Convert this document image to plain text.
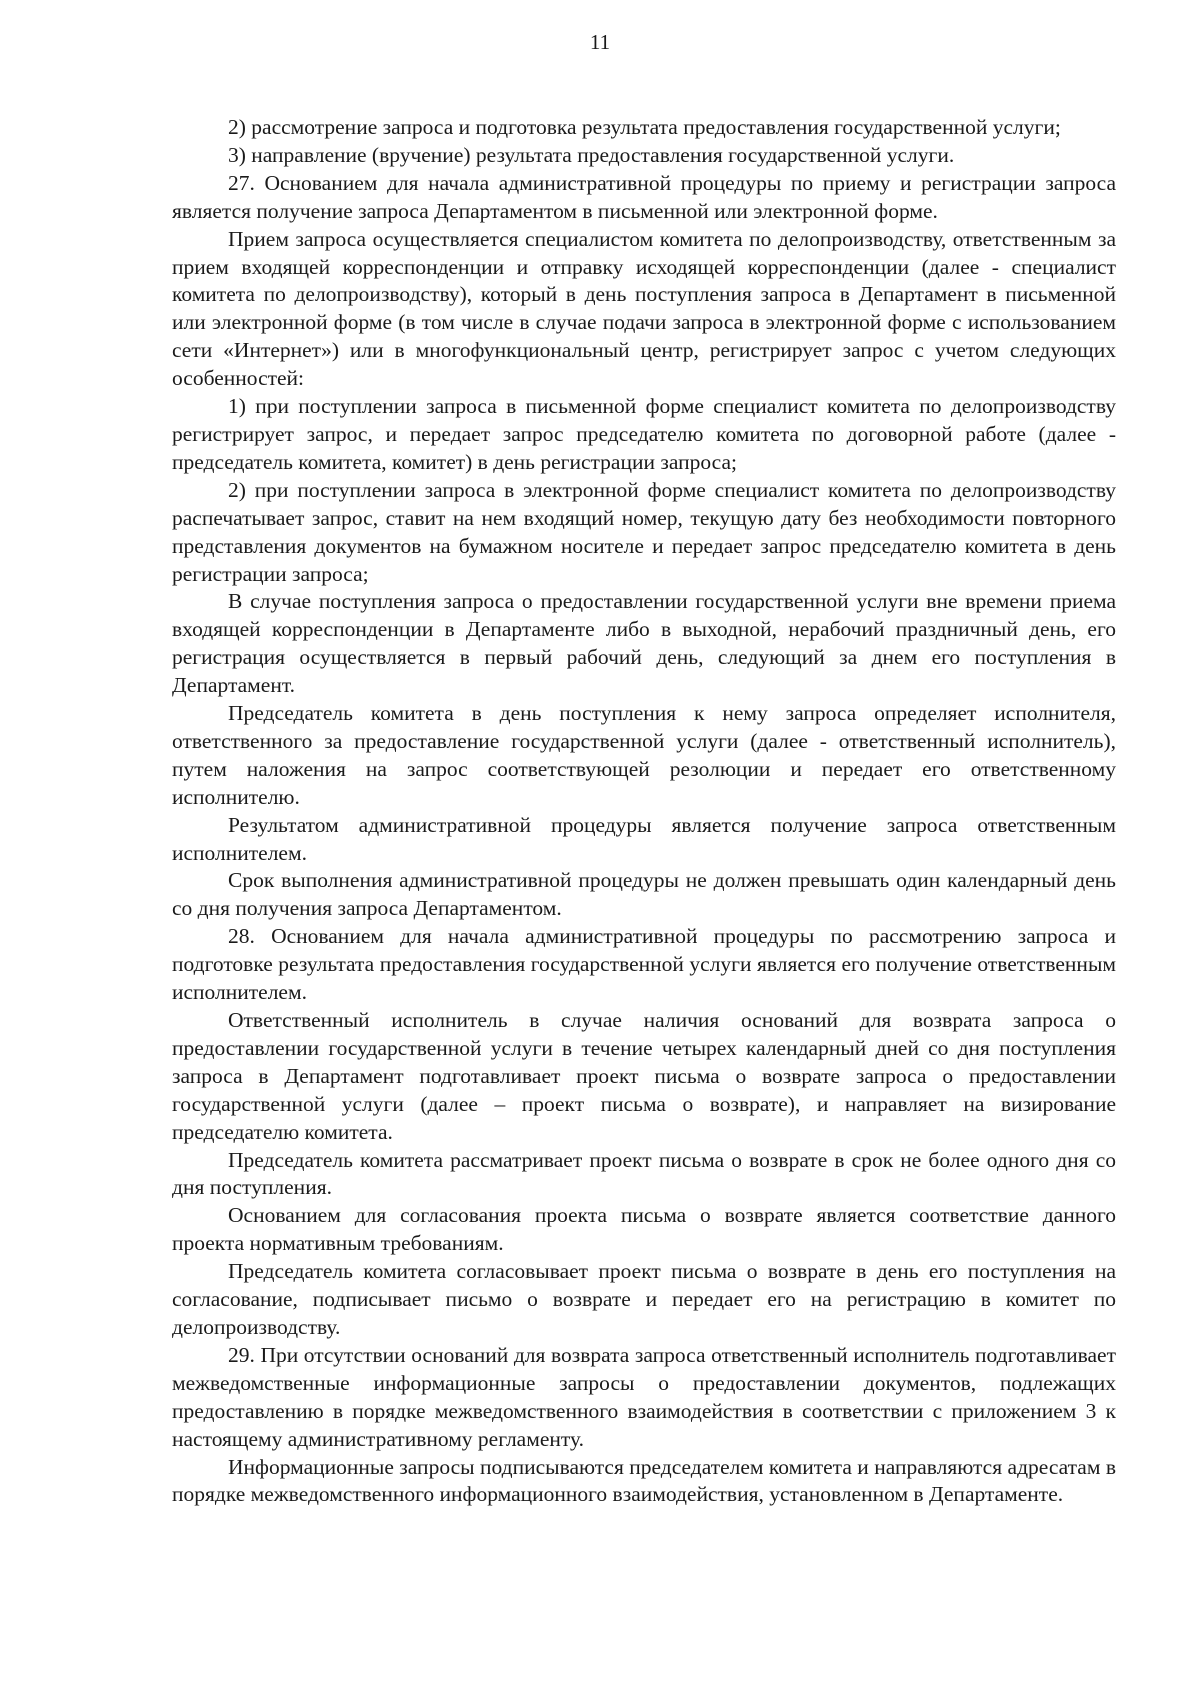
11

2) рассмотрение запроса и подготовка результата предоставления государственной услуги;

3) направление (вручение) результата предоставления государственной услуги.

27. Основанием для начала административной процедуры по приему и регистрации запроса является получение запроса Департаментом в письменной или электронной форме.

Прием запроса осуществляется специалистом комитета по делопроизводству, ответственным за прием входящей корреспонденции и отправку исходящей корреспонденции (далее - специалист комитета по делопроизводству), который в день поступления запроса в Департамент в письменной или электронной форме (в том числе в случае подачи запроса в электронной форме с использованием сети «Интернет») или в многофункциональный центр, регистрирует запрос с учетом следующих особенностей:

1) при поступлении запроса в письменной форме специалист комитета по делопроизводству регистрирует запрос, и передает запрос председателю комитета по договорной работе (далее - председатель комитета, комитет) в день регистрации запроса;

2) при поступлении запроса в электронной форме специалист комитета по делопроизводству распечатывает запрос, ставит на нем входящий номер, текущую дату без необходимости повторного представления документов на бумажном носителе и передает запрос председателю комитета в день регистрации запроса;

В случае поступления запроса о предоставлении государственной услуги вне времени приема входящей корреспонденции в Департаменте либо в выходной, нерабочий праздничный день, его регистрация осуществляется в первый рабочий день, следующий за днем его поступления в Департамент.

Председатель комитета в день поступления к нему запроса определяет исполнителя, ответственного за предоставление государственной услуги (далее - ответственный исполнитель), путем наложения на запрос соответствующей резолюции и передает его ответственному исполнителю.

Результатом административной процедуры является получение запроса ответственным исполнителем.

Срок выполнения административной процедуры не должен превышать один календарный день со дня получения запроса Департаментом.

28. Основанием для начала административной процедуры по рассмотрению запроса и подготовке результата предоставления государственной услуги является его получение ответственным исполнителем.

Ответственный исполнитель в случае наличия оснований для возврата запроса о предоставлении государственной услуги в течение четырех календарный дней со дня поступления запроса в Департамент подготавливает проект письма о возврате запроса о предоставлении государственной услуги (далее – проект письма о возврате), и направляет на визирование председателю комитета.

Председатель комитета рассматривает проект письма о возврате в срок не более одного дня со дня поступления.

Основанием для согласования проекта письма о возврате является соответствие данного проекта нормативным требованиям.

Председатель комитета согласовывает проект письма о возврате в день его поступления на согласование, подписывает письмо о возврате и передает его на регистрацию в комитет по делопроизводству.

29. При отсутствии оснований для возврата запроса ответственный исполнитель подготавливает межведомственные информационные запросы о предоставлении документов, подлежащих предоставлению в порядке межведомственного взаимодействия в соответствии с приложением 3 к настоящему административному регламенту.

Информационные запросы подписываются председателем комитета и направляются адресатам в порядке межведомственного информационного взаимодействия, установленном в Департаменте.
